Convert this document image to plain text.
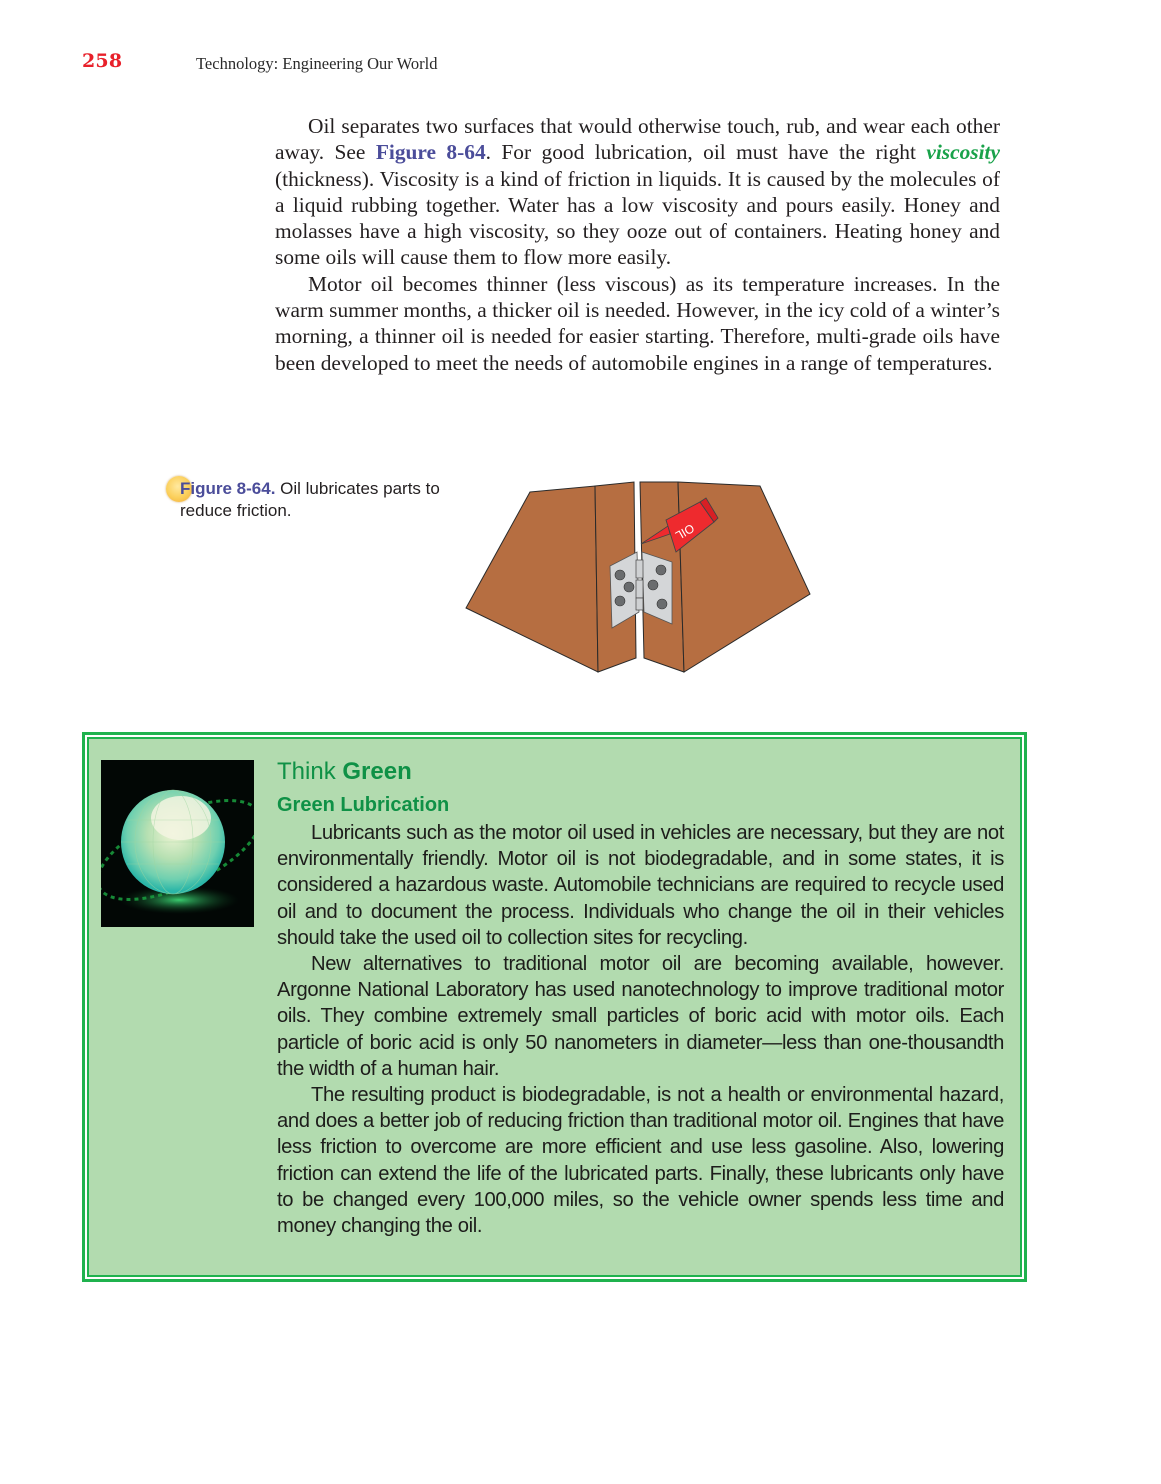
258	Technology: Engineering Our World

Oil separates two surfaces that would otherwise touch, rub, and wear each other away. See Figure 8-64. For good lubrication, oil must have the right viscosity (thickness). Viscosity is a kind of friction in liquids. It is caused by the molecules of a liquid rubbing together. Water has a low viscosity and pours easily. Honey and molasses have a high viscosity, so they ooze out of containers. Heating honey and some oils will cause them to flow more easily.

Motor oil becomes thinner (less viscous) as its temperature increases. In the warm summer months, a thicker oil is needed. However, in the icy cold of a winter’s morning, a thinner oil is needed for easier starting. Therefore, multi-grade oils have been developed to meet the needs of automobile engines in a range of temperatures.

Figure 8-64. Oil lubricates parts to reduce friction.
OIL
Think Green
Green Lubrication

Lubricants such as the motor oil used in vehicles are necessary, but they are not environmentally friendly. Motor oil is not biodegradable, and in some states, it is considered a hazardous waste. Automobile technicians are required to recycle used oil and to document the process. Individuals who change the oil in their vehicles should take the used oil to collection sites for recycling.

New alternatives to traditional motor oil are becoming available, however. Argonne National Laboratory has used nanotechnology to improve traditional motor oils. They combine extremely small particles of boric acid with motor oils. Each particle of boric acid is only 50 nanometers in diameter—less than one-thousandth the width of a human hair.

The resulting product is biodegradable, is not a health or environmental hazard, and does a better job of reducing friction than traditional motor oil. Engines that have less friction to overcome are more efficient and use less gasoline. Also, lowering friction can extend the life of the lubricated parts. Finally, these lubricants only have to be changed every 100,000 miles, so the vehicle owner spends less time and money changing the oil.
